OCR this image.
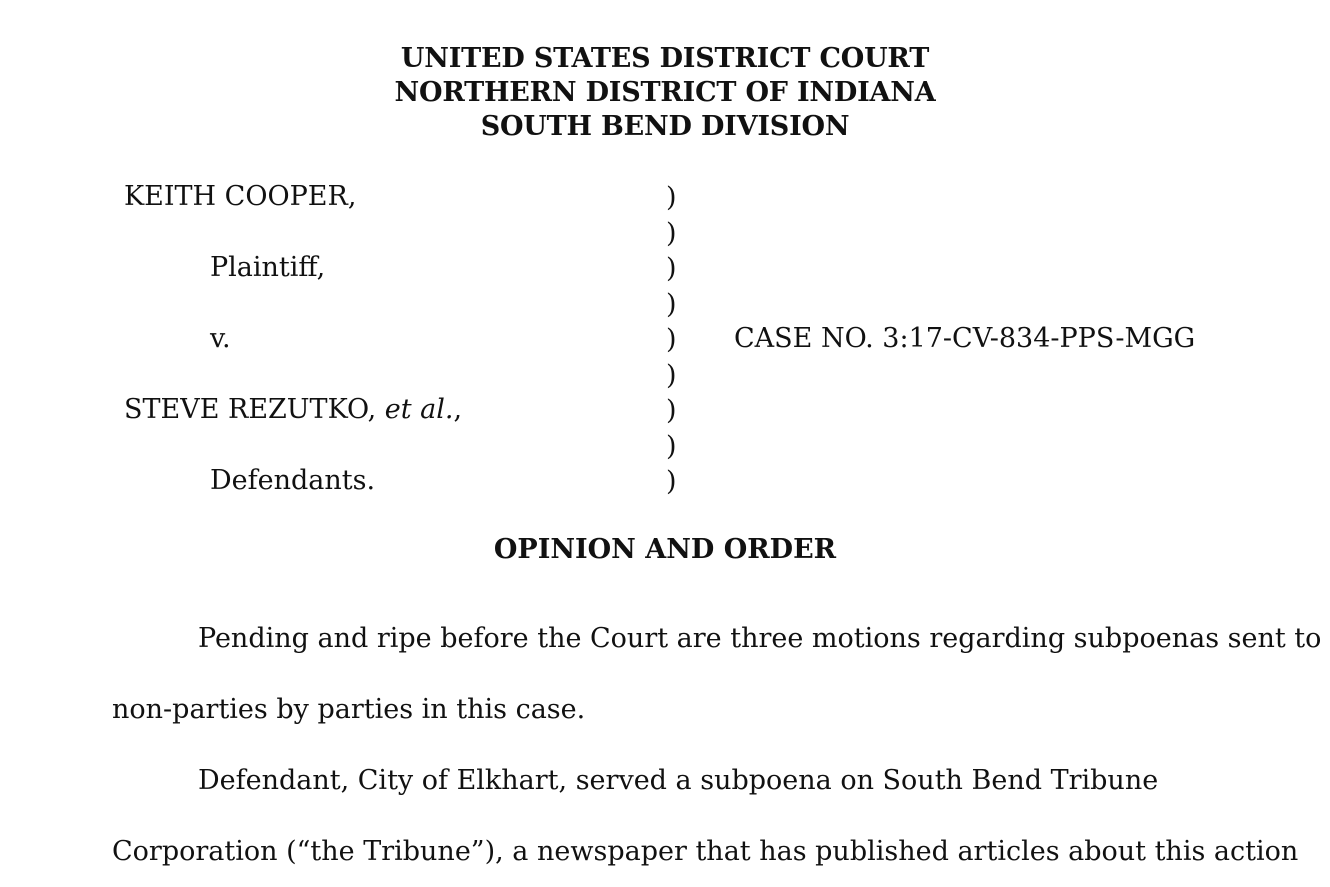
UNITED STATES DISTRICT COURT
NORTHERN DISTRICT OF INDIANA
SOUTH BEND DIVISION
KEITH COOPER,
Plaintiff,
v.
STEVE REZUTKO, et al.,
Defendants.
)
)
)
)
)
)
)
)
)
CASE NO. 3:17-CV-834-PPS-MGG
OPINION AND ORDER
Pending and ripe before the Court are three motions regarding subpoenas sent to
non-parties by parties in this case.
Defendant, City of Elkhart, served a subpoena on South Bend Tribune
Corporation (“the Tribune”), a newspaper that has published articles about this action
